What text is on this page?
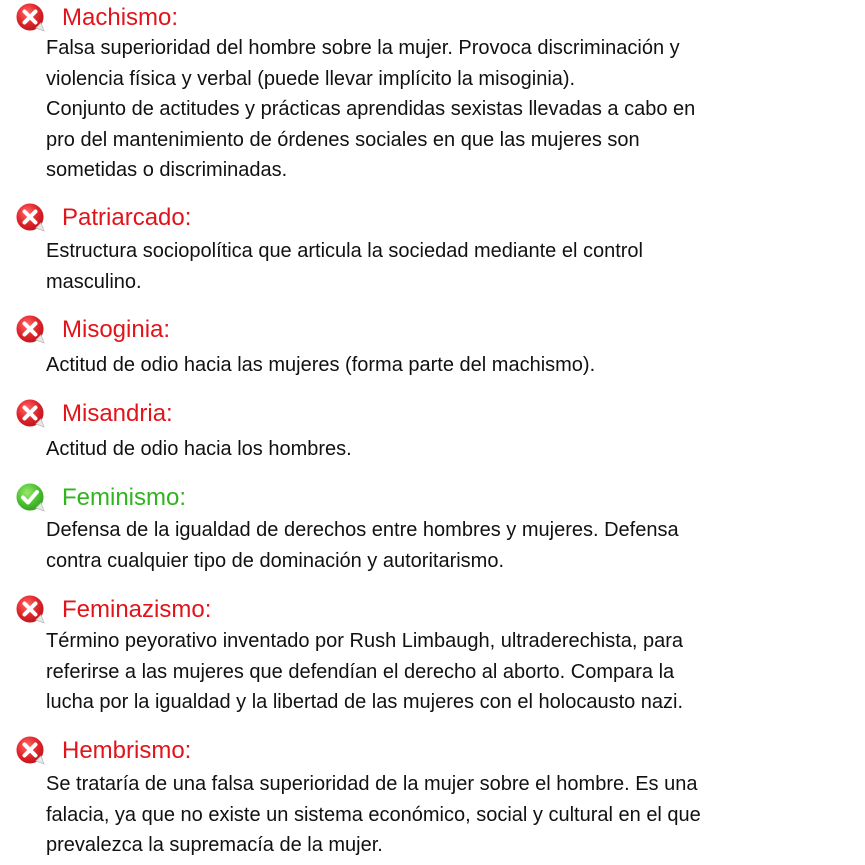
Machismo:
Falsa superioridad del hombre sobre la mujer. Provoca discriminación y
violencia física y verbal (puede llevar implícito la misoginia).
Conjunto de actitudes y prácticas aprendidas sexistas llevadas a cabo en
pro del mantenimiento de órdenes sociales en que las mujeres son
sometidas o discriminadas.
Patriarcado:
Estructura sociopolítica que articula la sociedad mediante el control
masculino.
Misoginia:
Actitud de odio hacia las mujeres (forma parte del machismo).
Misandria:
Actitud de odio hacia los hombres.
Feminismo:
Defensa de la igualdad de derechos entre hombres y mujeres. Defensa
contra cualquier tipo de dominación y autoritarismo.
Feminazismo:
Término peyorativo inventado por Rush Limbaugh, ultraderechista, para
referirse a las mujeres que defendían el derecho al aborto. Compara la
lucha por la igualdad y la libertad de las mujeres con el holocausto nazi.
Hembrismo:
Se trataría de una falsa superioridad de la mujer sobre el hombre. Es una
falacia, ya que no existe un sistema económico, social y cultural en el que
prevalezca la supremacía de la mujer.
